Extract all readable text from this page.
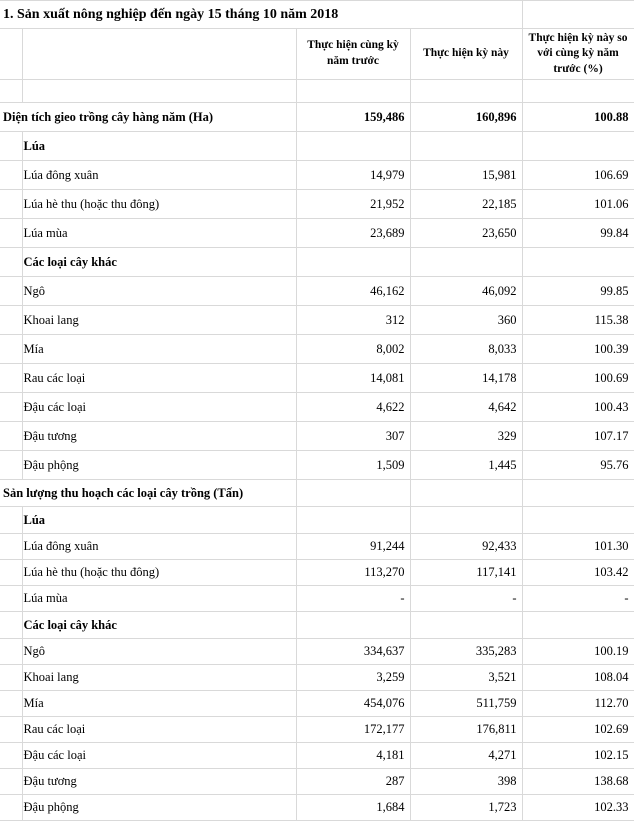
1. Sản xuất nông nghiệp đến ngày 15 tháng 10 năm 2018				
		Thực hiện cùng kỳ năm trước	Thực hiện kỳ này	Thực hiện kỳ này so với cùng kỳ năm trước (%)

Diện tích gieo trồng cây hàng năm (Ha)		159,486	160,896	100.88
	Lúa			
	Lúa đông xuân	14,979	15,981	106.69
	Lúa hè thu (hoặc thu đông)	21,952	22,185	101.06
	Lúa mùa	23,689	23,650	99.84
	Các loại cây khác			
	Ngô	46,162	46,092	99.85
	Khoai lang	312	360	115.38
	Mía	8,002	8,033	100.39
	Rau các loại	14,081	14,178	100.69
	Đậu các loại	4,622	4,642	100.43
	Đậu tương	307	329	107.17
	Đậu phộng	1,509	1,445	95.76
Sản lượng thu hoạch các loại cây trồng (Tấn)				
	Lúa			
	Lúa đông xuân	91,244	92,433	101.30
	Lúa hè thu (hoặc thu đông)	113,270	117,141	103.42
	Lúa mùa	-	-	-
	Các loại cây khác			
	Ngô	334,637	335,283	100.19
	Khoai lang	3,259	3,521	108.04
	Mía	454,076	511,759	112.70
	Rau các loại	172,177	176,811	102.69
	Đậu các loại	4,181	4,271	102.15
	Đậu tương	287	398	138.68
	Đậu phộng	1,684	1,723	102.33
